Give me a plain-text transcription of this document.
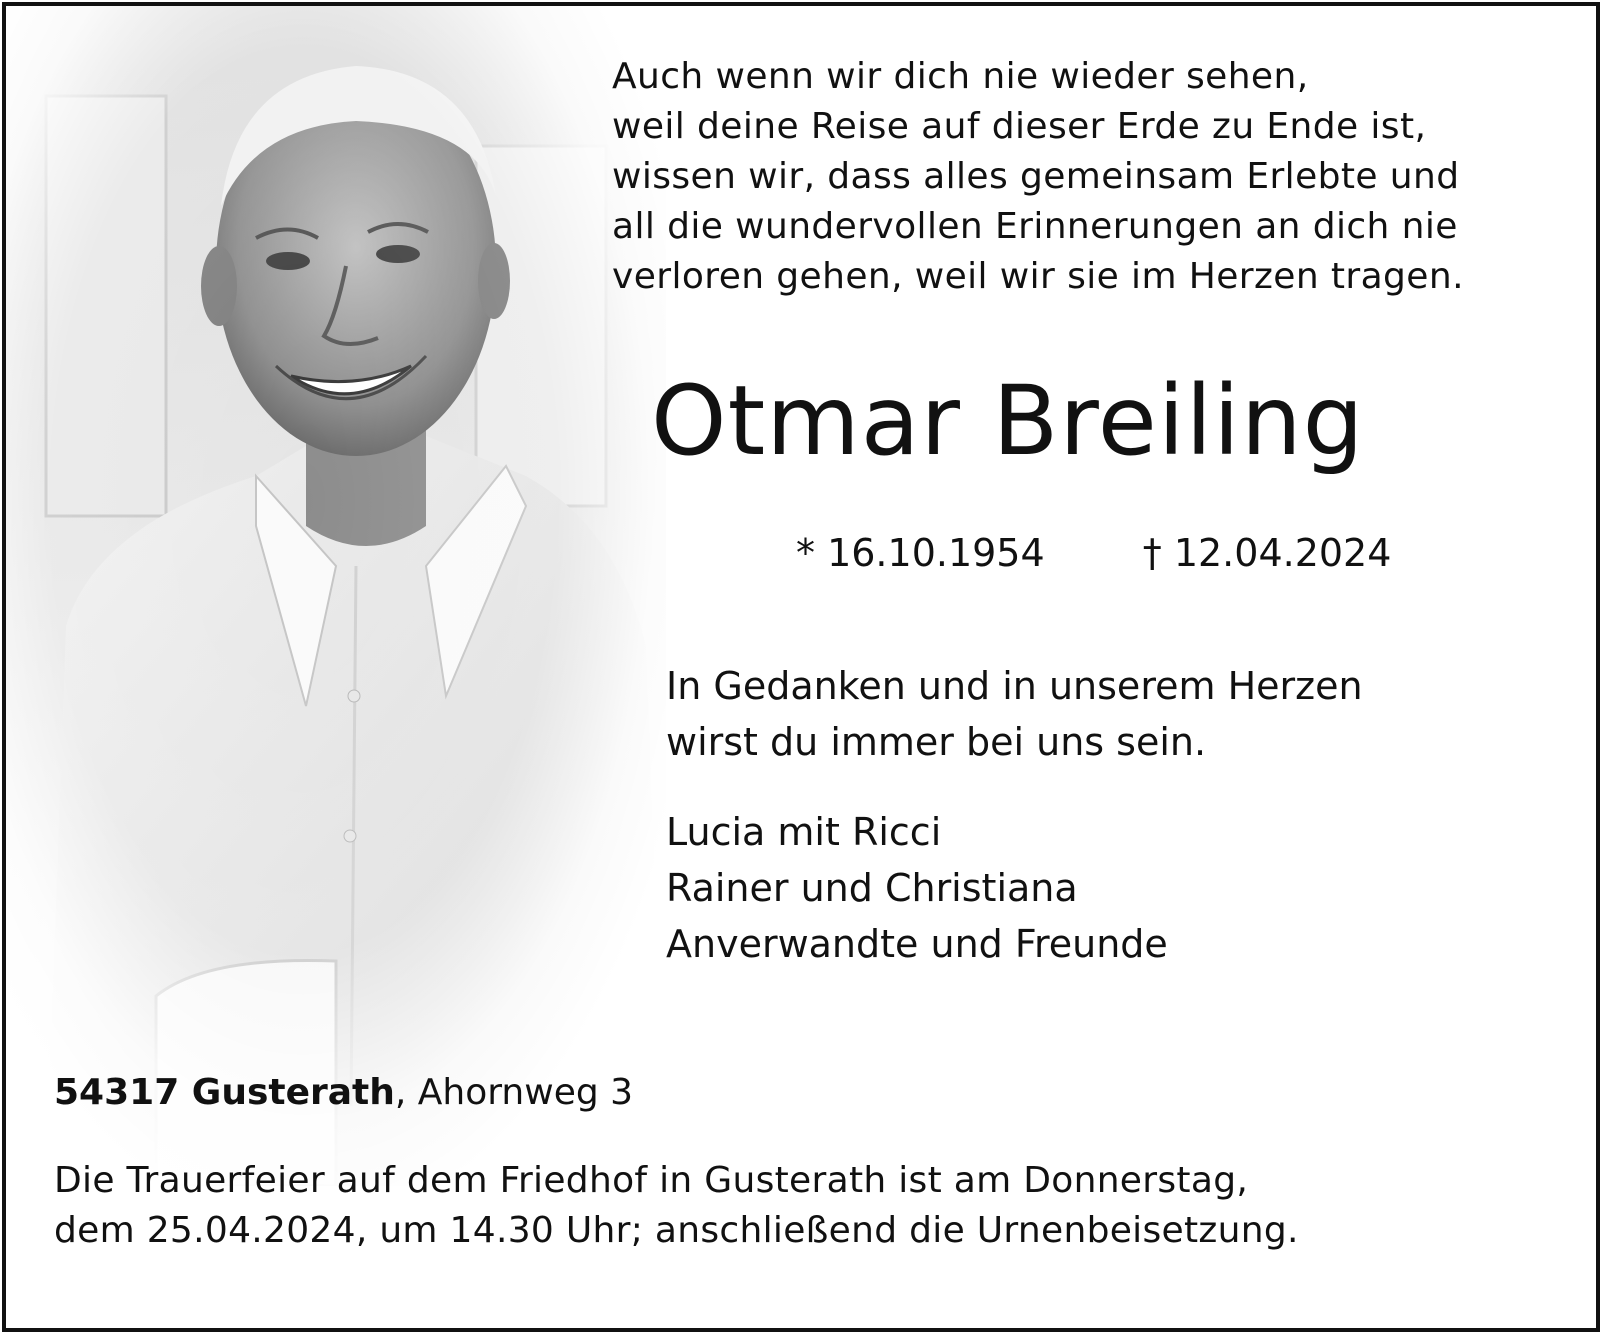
Auch wenn wir dich nie wieder sehen,
weil deine Reise auf dieser Erde zu Ende ist,
wissen wir, dass alles gemeinsam Erlebte und
all die wundervollen Erinnerungen an dich nie
verloren gehen, weil wir sie im Herzen tragen.
Otmar Breiling
* 16.10.1954	† 12.04.2024
In Gedanken und in unserem Herzen
wirst du immer bei uns sein.
Lucia mit Ricci
Rainer und Christiana
Anverwandte und Freunde
54317 Gusterath, Ahornweg 3
Die Trauerfeier auf dem Friedhof in Gusterath ist am Donnerstag,
dem 25.04.2024, um 14.30 Uhr; anschließend die Urnenbeisetzung.
